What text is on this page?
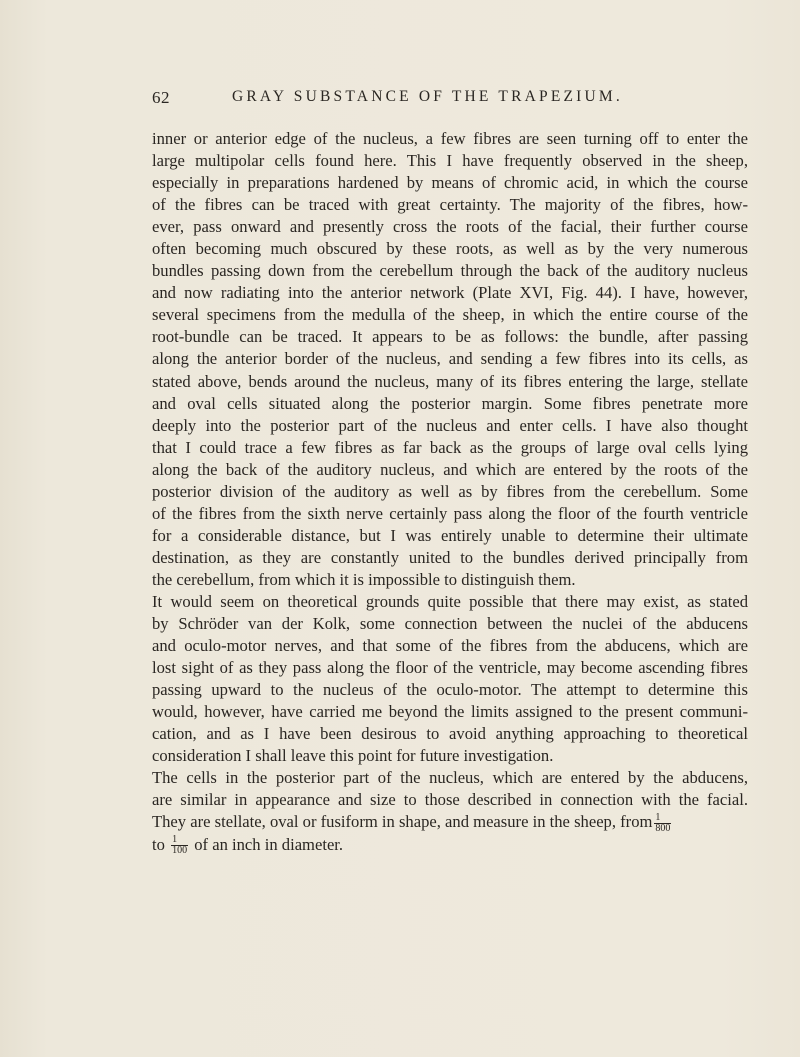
62	GRAY SUBSTANCE OF THE TRAPEZIUM.
inner or anterior edge of the nucleus, a few fibres are seen turning off to enter the
large multipolar cells found here. This I have frequently observed in the sheep,
especially in preparations hardened by means of chromic acid, in which the course
of the fibres can be traced with great certainty. The majority of the fibres, how-
ever, pass onward and presently cross the roots of the facial, their further course
often becoming much obscured by these roots, as well as by the very numerous
bundles passing down from the cerebellum through the back of the auditory nucleus
and now radiating into the anterior network (Plate XVI, Fig. 44). I have, however,
several specimens from the medulla of the sheep, in which the entire course of the
root-bundle can be traced. It appears to be as follows: the bundle, after passing
along the anterior border of the nucleus, and sending a few fibres into its cells, as
stated above, bends around the nucleus, many of its fibres entering the large, stellate
and oval cells situated along the posterior margin. Some fibres penetrate more
deeply into the posterior part of the nucleus and enter cells. I have also thought
that I could trace a few fibres as far back as the groups of large oval cells lying
along the back of the auditory nucleus, and which are entered by the roots of the
posterior division of the auditory as well as by fibres from the cerebellum. Some
of the fibres from the sixth nerve certainly pass along the floor of the fourth ventricle
for a considerable distance, but I was entirely unable to determine their ultimate
destination, as they are constantly united to the bundles derived principally from
the cerebellum, from which it is impossible to distinguish them.
It would seem on theoretical grounds quite possible that there may exist, as stated
by Schröder van der Kolk, some connection between the nuclei of the abducens
and oculo-motor nerves, and that some of the fibres from the abducens, which are
lost sight of as they pass along the floor of the ventricle, may become ascending fibres
passing upward to the nucleus of the oculo-motor. The attempt to determine this
would, however, have carried me beyond the limits assigned to the present communi-
cation, and as I have been desirous to avoid anything approaching to theoretical
consideration I shall leave this point for future investigation.
The cells in the posterior part of the nucleus, which are entered by the abducens,
are similar in appearance and size to those described in connection with the facial.
They are stellate, oval or fusiform in shape, and measure in the sheep, from $\frac{1}{800}$
to $\frac{1}{100}$ of an inch in diameter.
